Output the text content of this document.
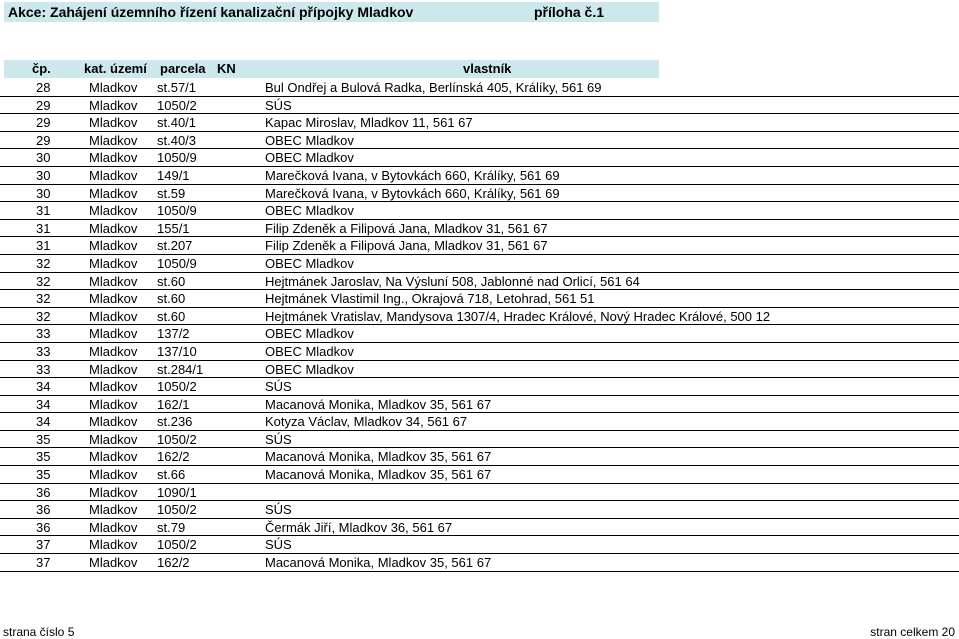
Akce: Zahájení územního řízení kanalizační přípojky Mladkov	příloha č.1
čp.	kat. území parcela KN	vlastník
28	Mladkov st.57/1	Bul Ondřej a Bulová Radka, Berlínská 405, Králíky, 561 69
29	Mladkov 1050/2	SÚS
29	Mladkov st.40/1	Kapac Miroslav, Mladkov 11, 561 67
29	Mladkov st.40/3	OBEC Mladkov
30	Mladkov 1050/9	OBEC Mladkov
30	Mladkov 149/1	Marečková Ivana, v Bytovkách 660, Králíky, 561 69
30	Mladkov st.59	Marečková Ivana, v Bytovkách 660, Králíky, 561 69
31	Mladkov 1050/9	OBEC Mladkov
31	Mladkov 155/1	Filip Zdeněk a Filipová Jana, Mladkov 31, 561 67
31	Mladkov st.207	Filip Zdeněk a Filipová Jana, Mladkov 31, 561 67
32	Mladkov 1050/9	OBEC Mladkov
32	Mladkov st.60	Hejtmánek Jaroslav, Na Výsluní 508, Jablonné nad Orlicí, 561 64
32	Mladkov st.60	Hejtmánek Vlastimil Ing., Okrajová 718, Letohrad, 561 51
32	Mladkov st.60	Hejtmánek Vratislav, Mandysova 1307/4, Hradec Králové, Nový Hradec Králové, 500 12
33	Mladkov 137/2	OBEC Mladkov
33	Mladkov 137/10	OBEC Mladkov
33	Mladkov st.284/1	OBEC Mladkov
34	Mladkov 1050/2	SÚS
34	Mladkov 162/1	Macanová Monika, Mladkov 35, 561 67
34	Mladkov st.236	Kotyza Václav, Mladkov 34, 561 67
35	Mladkov 1050/2	SÚS
35	Mladkov 162/2	Macanová Monika, Mladkov 35, 561 67
35	Mladkov st.66	Macanová Monika, Mladkov 35, 561 67
36	Mladkov 1090/1
36	Mladkov 1050/2	SÚS
36	Mladkov st.79	Čermák Jiří, Mladkov 36, 561 67
37	Mladkov 1050/2	SÚS
37	Mladkov 162/2	Macanová Monika, Mladkov 35, 561 67
strana číslo 5	stran celkem 20
